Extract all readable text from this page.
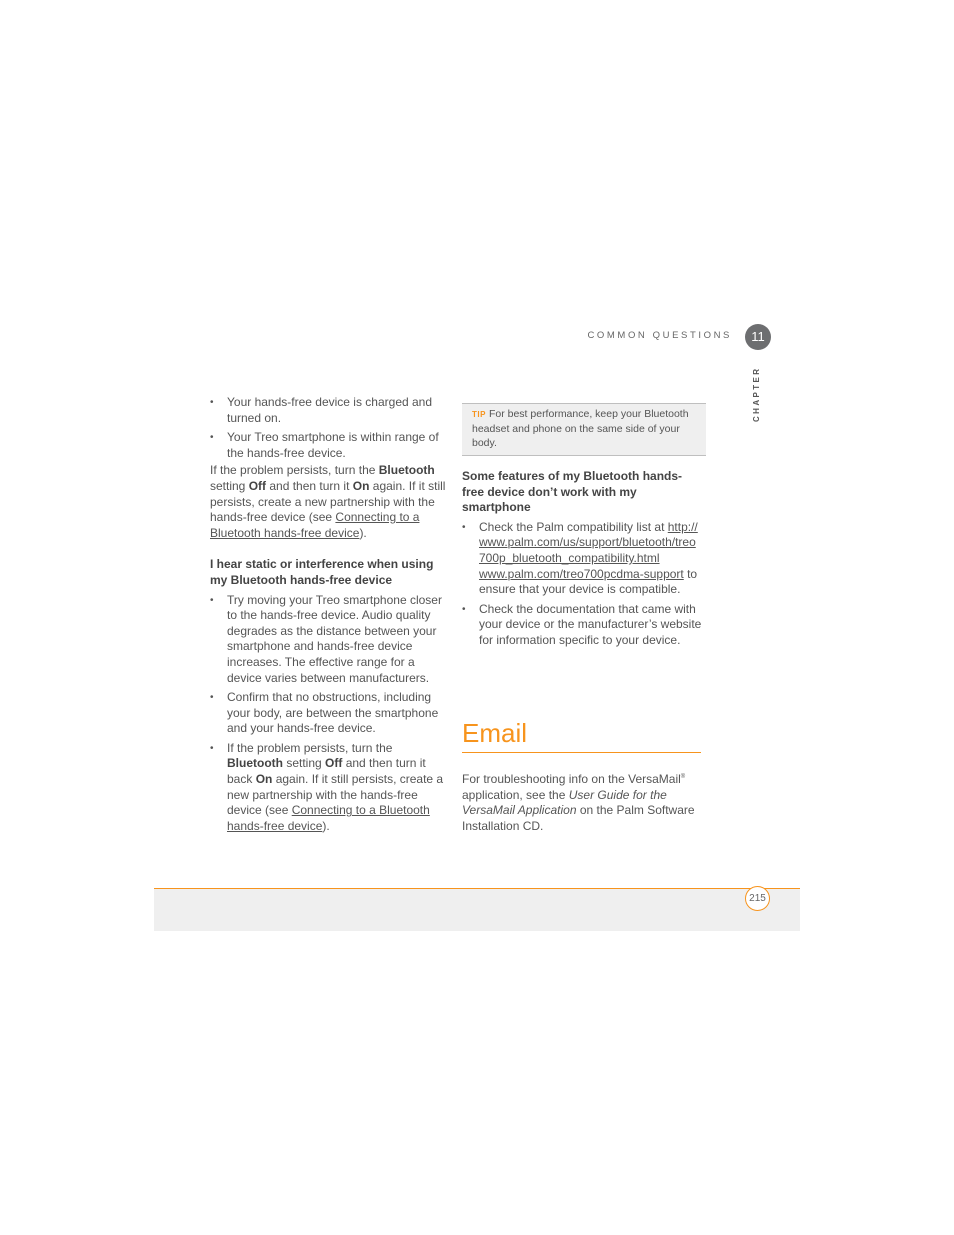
COMMON QUESTIONS	11
CHAPTER
• Your hands-free device is charged and turned on.
• Your Treo smartphone is within range of the hands-free device.

If the problem persists, turn the Bluetooth setting Off and then turn it On again. If it still persists, create a new partnership with the hands-free device (see Connecting to a Bluetooth hands-free device).

I hear static or interference when using my Bluetooth hands-free device

• Try moving your Treo smartphone closer to the hands-free device. Audio quality degrades as the distance between your smartphone and hands-free device increases. The effective range for a device varies between manufacturers.
• Confirm that no obstructions, including your body, are between the smartphone and your hands-free device.
• If the problem persists, turn the Bluetooth setting Off and then turn it back On again. If it still persists, create a new partnership with the hands-free device (see Connecting to a Bluetooth hands-free device).
TIP For best performance, keep your Bluetooth headset and phone on the same side of your body.

Some features of my Bluetooth hands-free device don’t work with my smartphone

• Check the Palm compatibility list at http://www.palm.com/us/support/bluetooth/treo700p_bluetooth_compatibility.html www.palm.com/treo700pcdma-support to ensure that your device is compatible.
• Check the documentation that came with your device or the manufacturer’s website for information specific to your device.
Email

For troubleshooting info on the VersaMail® application, see the User Guide for the VersaMail Application on the Palm Software Installation CD.

215
